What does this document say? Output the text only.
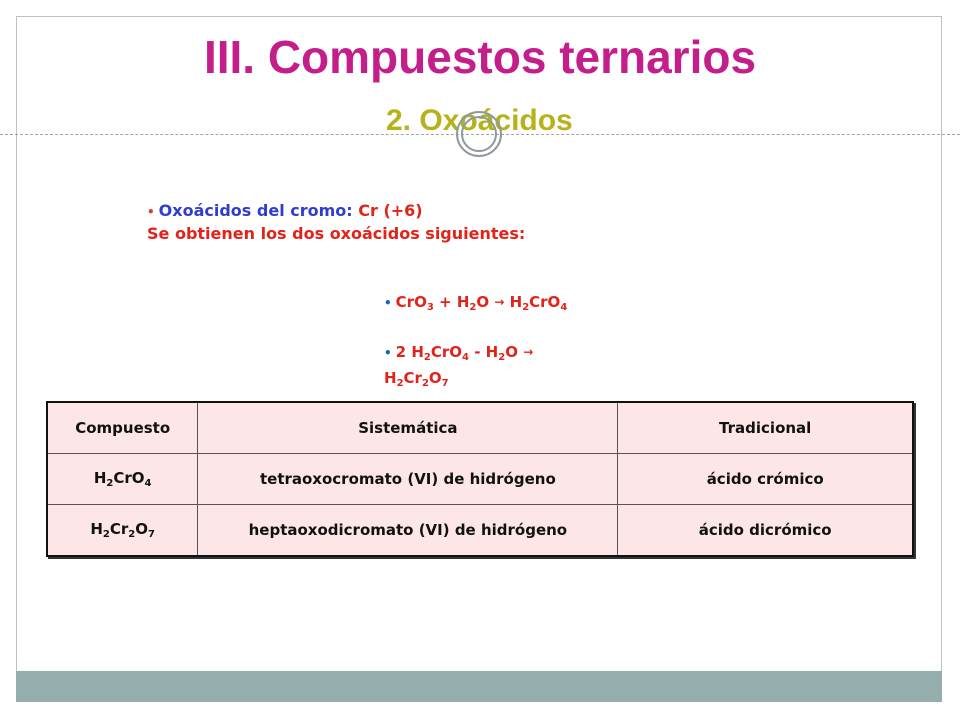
III. Compuestos ternarios
2. Oxoácidos
• Oxoácidos del cromo: Cr (+6)
Se obtienen los dos oxoácidos siguientes:
• $CrO_3 + H_2O \to H_2CrO_4$
• 2 $H_2CrO_4 - H_2O$ →
$H_2Cr_2O_7$
Compuesto	Sistemática	Tradicional
$H_2CrO_4$	tetraoxocromato (VI) de hidrógeno	ácido crómico
$H_2Cr_2O_7$	heptaoxodicromato (VI) de hidrógeno	ácido dicrómico
